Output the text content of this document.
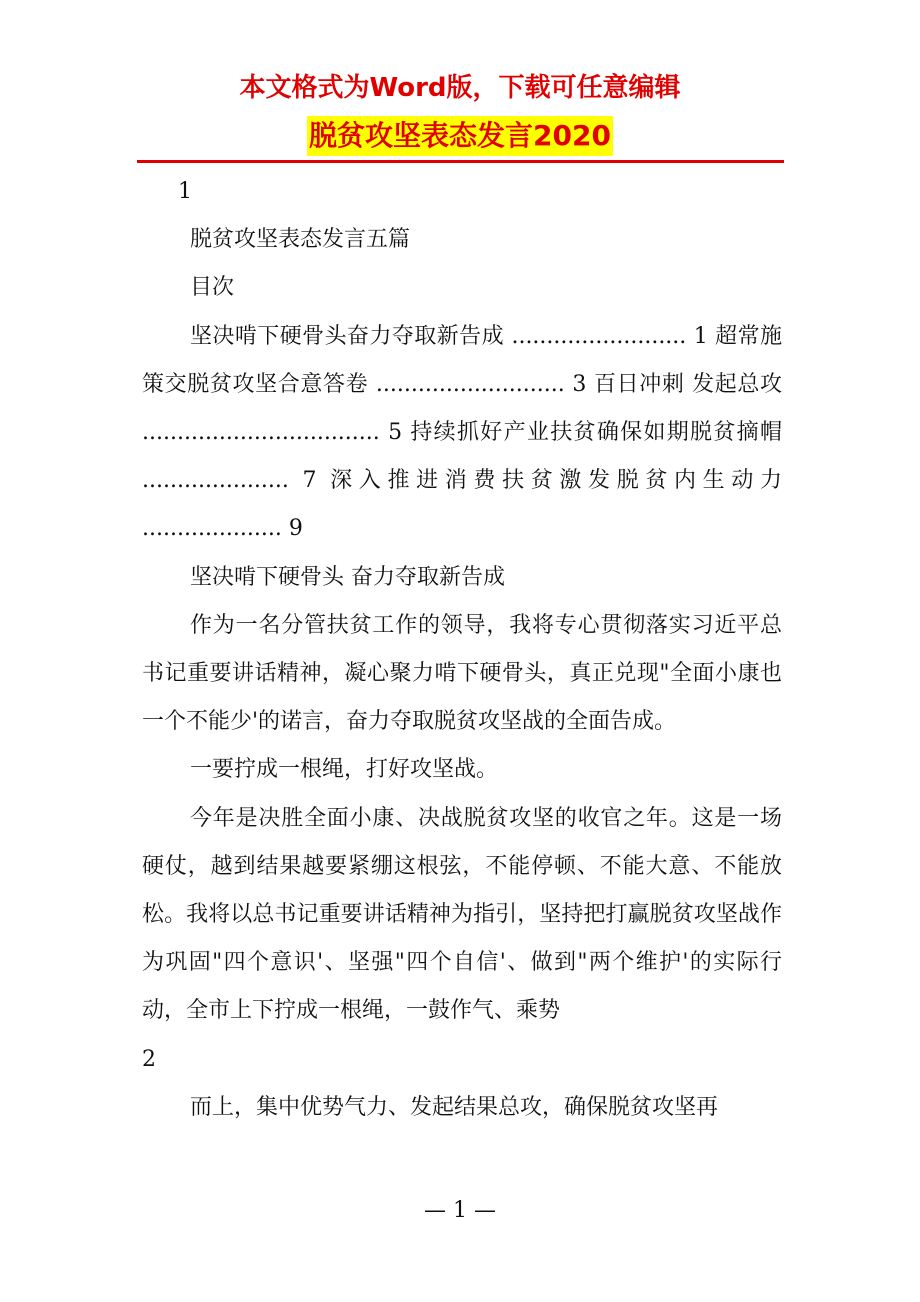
本文格式为Word版，下载可任意编辑
脱贫攻坚表态发言2020

1

脱贫攻坚表态发言五篇

目次

坚决啃下硬骨头奋力夺取新告成 ......................... 1 超常施策交脱贫攻坚合意答卷 ........................... 3 百日冲刺 发起总攻 .................................. 5 持续抓好产业扶贫确保如期脱贫摘帽 ..................... 7 深入推进消费扶贫激发脱贫内生动力 .................... 9

坚决啃下硬骨头 奋力夺取新告成

作为一名分管扶贫工作的领导，我将专心贯彻落实习近平总书记重要讲话精神，凝心聚力啃下硬骨头，真正兑现"全面小康也一个不能少'的诺言，奋力夺取脱贫攻坚战的全面告成。

一要拧成一根绳，打好攻坚战。

今年是决胜全面小康、决战脱贫攻坚的收官之年。这是一场硬仗，越到结果越要紧绷这根弦，不能停顿、不能大意、不能放松。我将以总书记重要讲话精神为指引，坚持把打赢脱贫攻坚战作为巩固"四个意识'、坚强"四个自信'、做到"两个维护'的实际行动，全市上下拧成一根绳，一鼓作气、乘势

2

而上，集中优势气力、发起结果总攻，确保脱贫攻坚再

— 1 —
